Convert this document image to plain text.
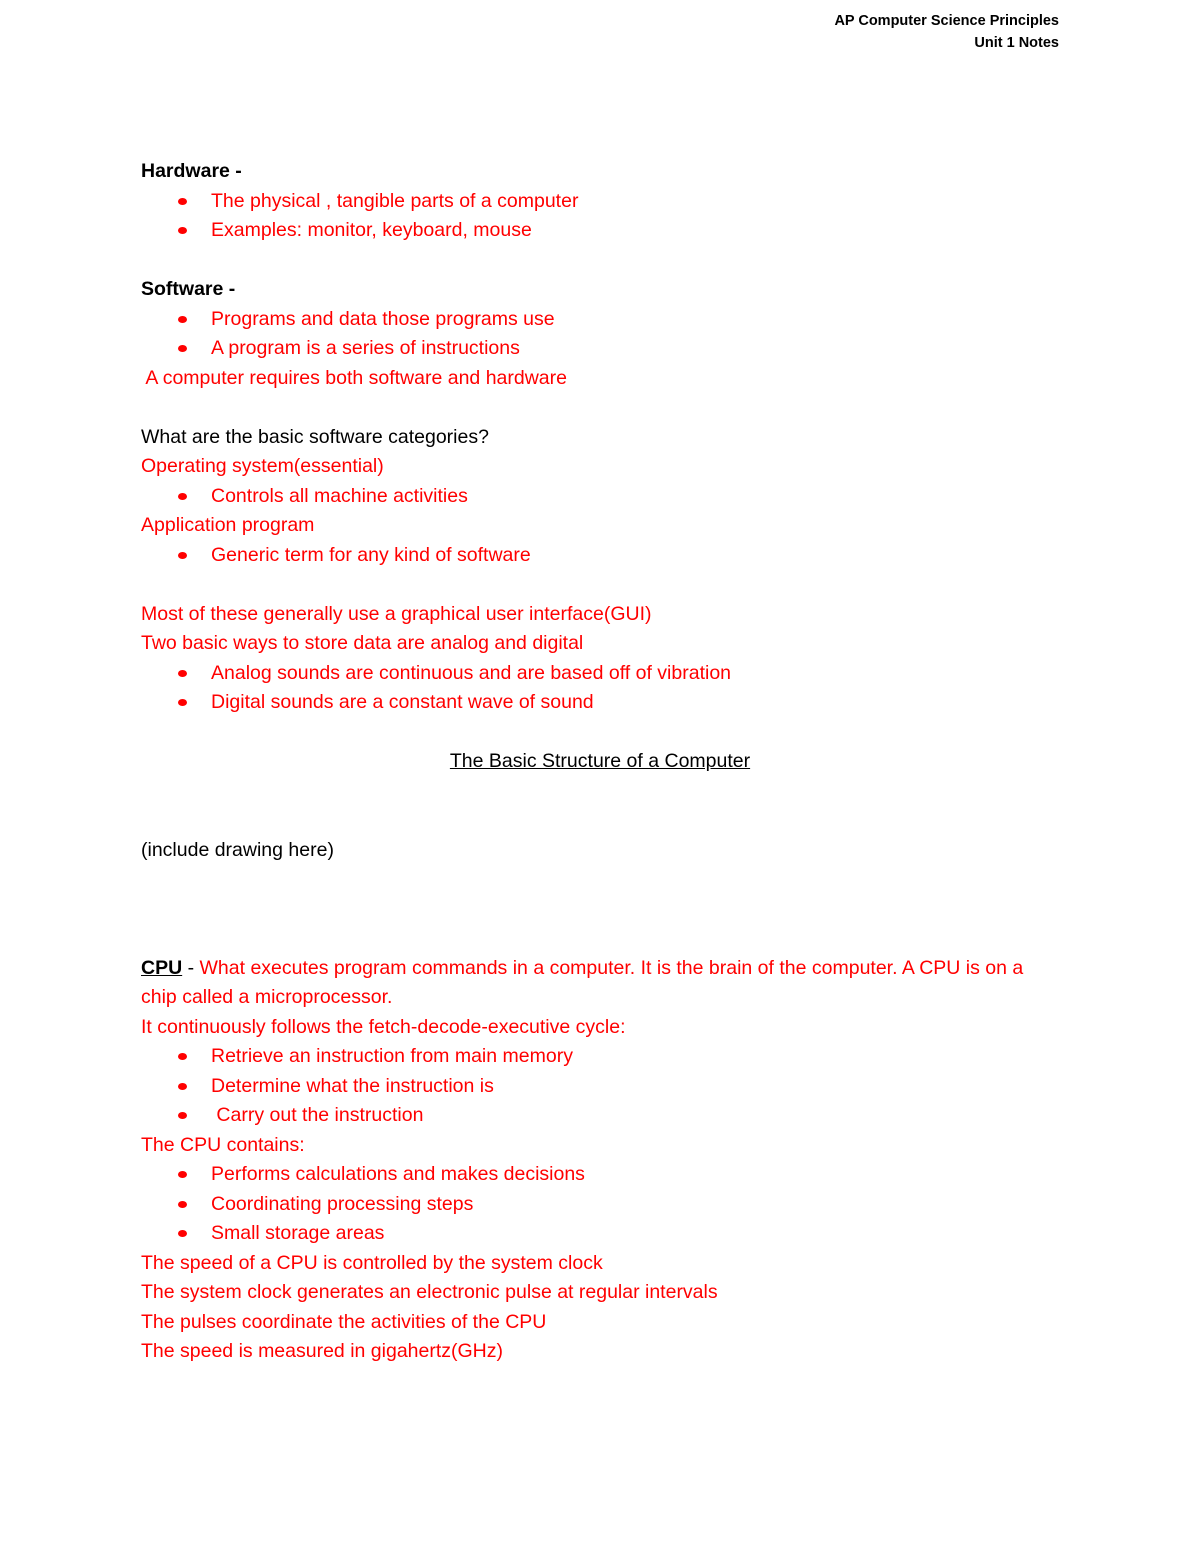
AP Computer Science Principles
Unit 1 Notes
Hardware -
The physical , tangible parts of a computer
Examples: monitor, keyboard, mouse
Software -
Programs and data those programs use
A program is a series of instructions
A computer requires both software and hardware
What are the basic software categories?
Operating system(essential)
Controls all machine activities
Application program
Generic term for any kind of software
Most of these generally use a graphical user interface(GUI)
Two basic ways to store data are analog and digital
Analog sounds are continuous and are based off of vibration
Digital sounds are a constant wave of sound
The Basic Structure of a Computer
(include drawing here)
CPU - What executes program commands in a computer. It is the brain of the computer. A CPU is on a chip called a microprocessor.
It continuously follows the fetch-decode-executive cycle:
Retrieve an instruction from main memory
Determine what the instruction is
Carry out the instruction
The CPU contains:
Performs calculations and makes decisions
Coordinating processing steps
Small storage areas
The speed of a CPU is controlled by the system clock
The system clock generates an electronic pulse at regular intervals
The pulses coordinate the activities of the CPU
The speed is measured in gigahertz(GHz)
